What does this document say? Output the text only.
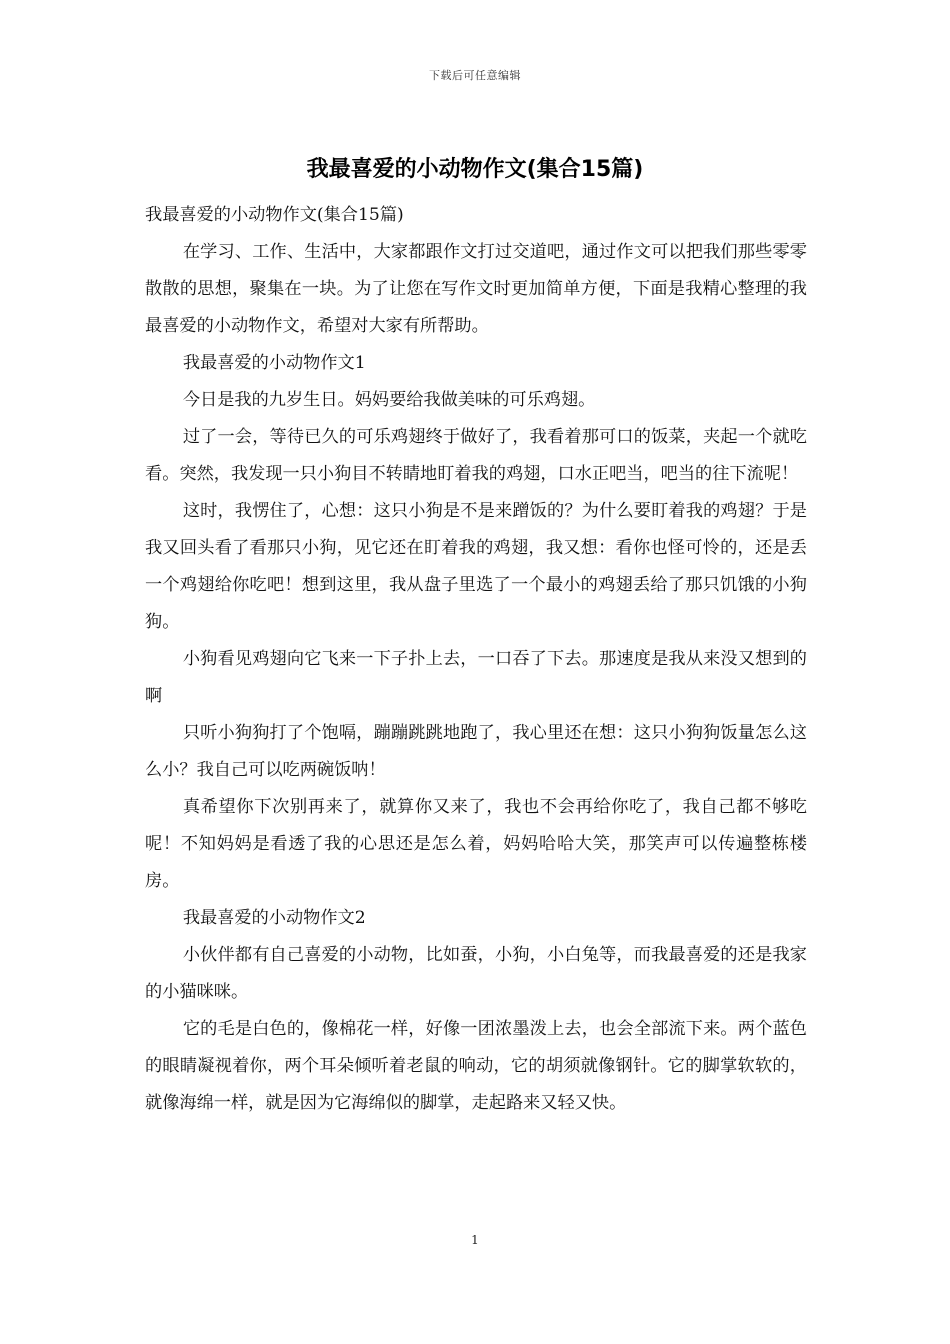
下载后可任意编辑
我最喜爱的小动物作文(集合15篇)

我最喜爱的小动物作文(集合15篇)

在学习、工作、生活中，大家都跟作文打过交道吧，通过作文可以把我们那些零零散散的思想，聚集在一块。为了让您在写作文时更加简单方便，下面是我精心整理的我最喜爱的小动物作文，希望对大家有所帮助。

我最喜爱的小动物作文1

今日是我的九岁生日。妈妈要给我做美味的可乐鸡翅。

过了一会，等待已久的可乐鸡翅终于做好了，我看着那可口的饭菜，夹起一个就吃看。突然，我发现一只小狗目不转睛地盯着我的鸡翅，口水正吧当，吧当的往下流呢！

这时，我愣住了，心想：这只小狗是不是来蹭饭的？为什么要盯着我的鸡翅？于是我又回头看了看那只小狗，见它还在盯着我的鸡翅，我又想：看你也怪可怜的，还是丢一个鸡翅给你吃吧！想到这里，我从盘子里选了一个最小的鸡翅丢给了那只饥饿的小狗狗。

小狗看见鸡翅向它飞来一下子扑上去，一口吞了下去。那速度是我从来没又想到的啊

只听小狗狗打了个饱嗝，蹦蹦跳跳地跑了，我心里还在想：这只小狗狗饭量怎么这么小？我自己可以吃两碗饭呐！

真希望你下次别再来了，就算你又来了，我也不会再给你吃了，我自己都不够吃呢！不知妈妈是看透了我的心思还是怎么着，妈妈哈哈大笑，那笑声可以传遍整栋楼房。

我最喜爱的小动物作文2

小伙伴都有自己喜爱的小动物，比如蚕，小狗，小白兔等，而我最喜爱的还是我家的小猫咪咪。

它的毛是白色的，像棉花一样，好像一团浓墨泼上去，也会全部流下来。两个蓝色的眼睛凝视着你，两个耳朵倾听着老鼠的响动，它的胡须就像钢针。它的脚掌软软的，就像海绵一样，就是因为它海绵似的脚掌，走起路来又轻又快。

1
